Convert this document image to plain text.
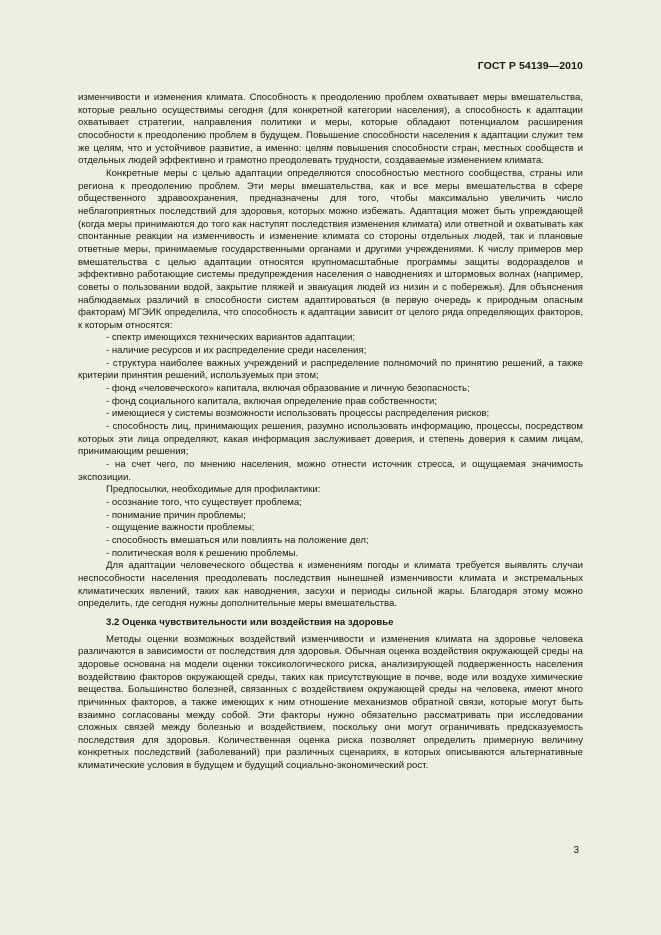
ГОСТ Р 54139—2010

изменчивости и изменения климата. Способность к преодолению проблем охватывает меры вмешательства, которые реально осуществимы сегодня (для конкретной категории населения), а способность к адаптации охватывает стратегии, направления политики и меры, которые обладают потенциалом расширения способности к преодолению проблем в будущем. Повышение способности населения к адаптации служит тем же целям, что и устойчивое развитие, а именно: целям повышения способности стран, местных сообществ и отдельных людей эффективно и грамотно преодолевать трудности, создаваемые изменением климата.

Конкретные меры с целью адаптации определяются способностью местного сообщества, страны или региона к преодолению проблем. Эти меры вмешательства, как и все меры вмешательства в сфере общественного здравоохранения, предназначены для того, чтобы максимально увеличить число неблагоприятных последствий для здоровья, которых можно избежать. Адаптация может быть упреждающей (когда меры принимаются до того как наступят последствия изменения климата) или ответной и охватывать как спонтанные реакции на изменчивость и изменение климата со стороны отдельных людей, так и плановые ответные меры, принимаемые государственными органами и другими учреждениями. К числу примеров мер вмешательства с целью адаптации относятся крупномасштабные программы защиты водоразделов и эффективно работающие системы предупреждения населения о наводнениях и штормовых волнах (например, советы о пользовании водой, закрытие пляжей и эвакуация людей из низин и с побережья). Для объяснения наблюдаемых различий в способности систем адаптироваться (в первую очередь к природным опасным факторам) МГЭИК определила, что способность к адаптации зависит от целого ряда определяющих факторов, к которым относятся:

- спектр имеющихся технических вариантов адаптации;

- наличие ресурсов и их распределение среди населения;

- структура наиболее важных учреждений и распределение полномочий по принятию решений, а также критерии принятия решений, используемых при этом;

- фонд «человеческого» капитала, включая образование и личную безопасность;

- фонд социального капитала, включая определение прав собственности;

- имеющиеся у системы возможности использовать процессы распределения рисков;

- способность лиц, принимающих решения, разумно использовать информацию, процессы, посредством которых эти лица определяют, какая информация заслуживает доверия, и степень доверия к самим лицам, принимающим решения;

- на счет чего, по мнению населения, можно отнести источник стресса, и ощущаемая значимость экспозиции.

Предпосылки, необходимые для профилактики:

- осознание того, что существует проблема;

- понимание причин проблемы;

- ощущение важности проблемы;

- способность вмешаться или повлиять на положение дел;

- политическая воля к решению проблемы.

Для адаптации человеческого общества к изменениям погоды и климата требуется выявлять случаи неспособности населения преодолевать последствия нынешней изменчивости климата и экстремальных климатических явлений, таких как наводнения, засухи и периоды сильной жары. Благодаря этому можно определить, где сегодня нужны дополнительные меры вмешательства.

3.2 Оценка чувствительности или воздействия на здоровье

Методы оценки возможных воздействий изменчивости и изменения климата на здоровье человека различаются в зависимости от последствия для здоровья. Обычная оценка воздействия окружающей среды на здоровье основана на модели оценки токсикологического риска, анализирующей подверженность населения воздействию факторов окружающей среды, таких как присутствующие в почве, воде или воздухе химические вещества. Большинство болезней, связанных с воздействием окружающей среды на человека, имеют много причинных факторов, а также имеющих к ним отношение механизмов обратной связи, которые могут быть взаимно согласованы между собой. Эти факторы нужно обязательно рассматривать при исследовании сложных связей между болезнью и воздействием, поскольку они могут ограничивать предсказуемость последствия для здоровья. Количественная оценка риска позволяет определить примерную величину конкретных последствий (заболеваний) при различных сценариях, в которых описываются альтернативные климатические условия в будущем и будущий социально-экономический рост.

3
